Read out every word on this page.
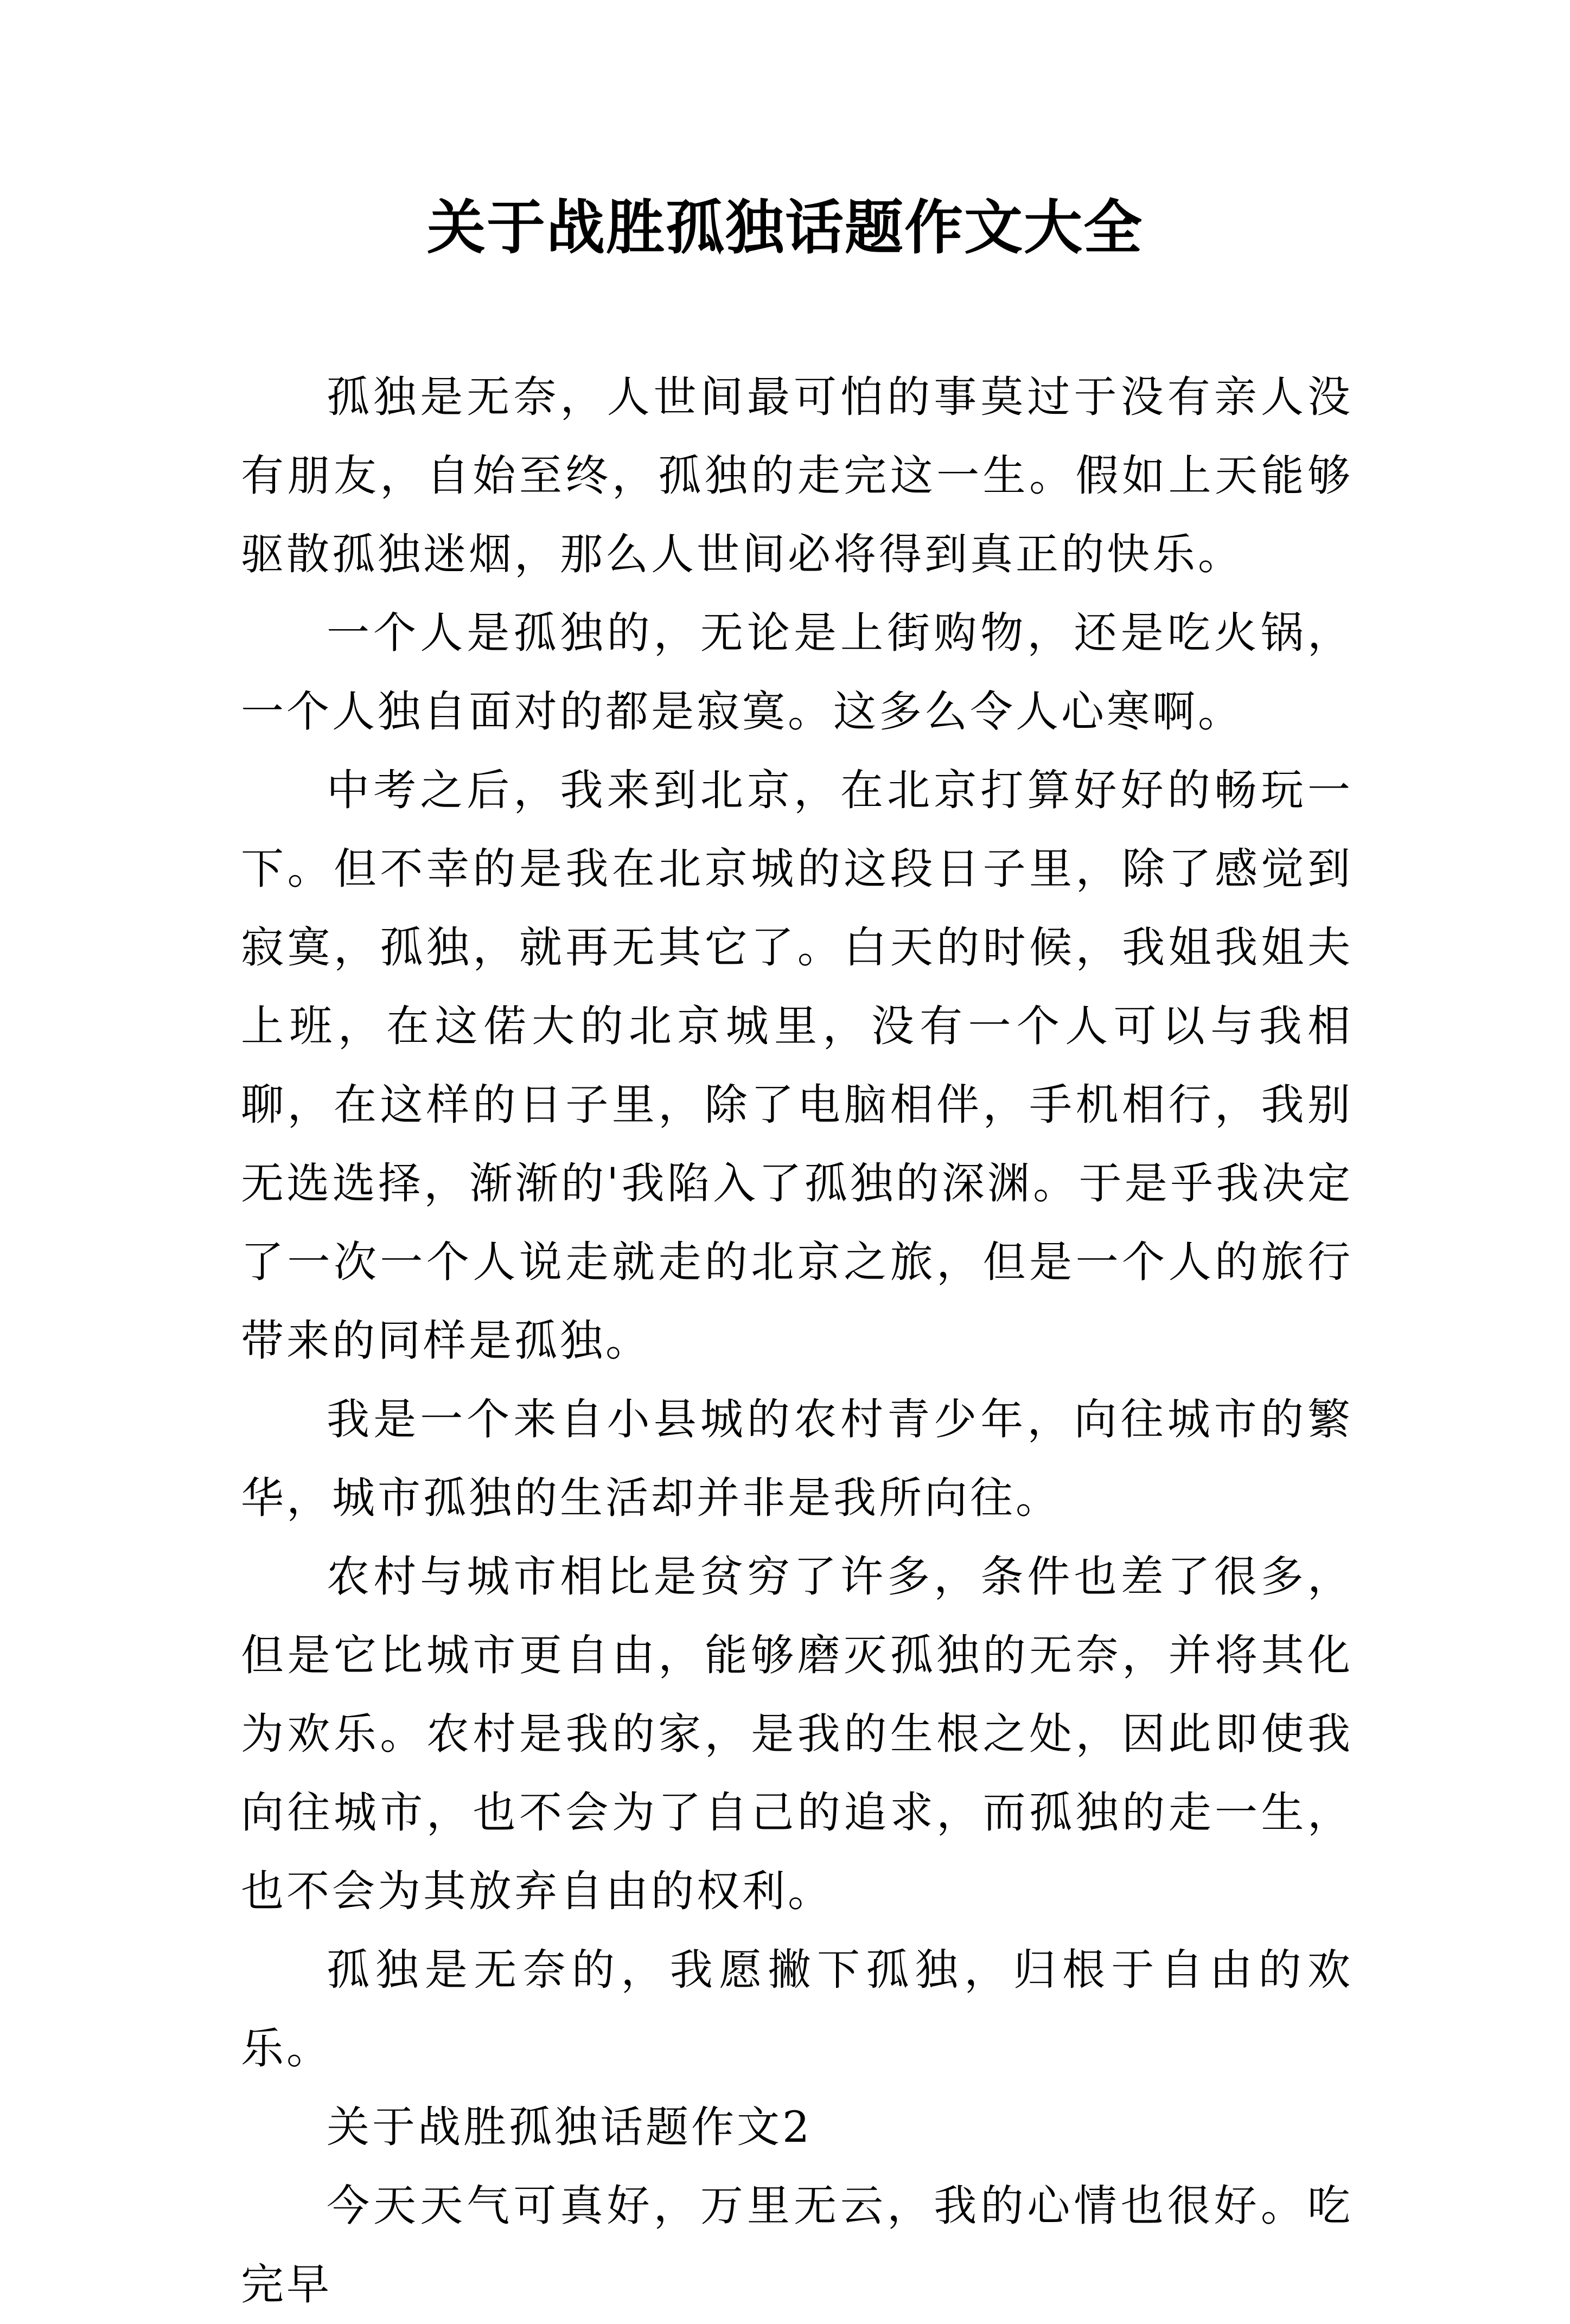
关于战胜孤独话题作文大全

孤独是无奈，人世间最可怕的事莫过于没有亲人没有朋友，自始至终，孤独的走完这一生。假如上天能够驱散孤独迷烟，那么人世间必将得到真正的快乐。

一个人是孤独的，无论是上街购物，还是吃火锅，一个人独自面对的都是寂寞。这多么令人心寒啊。

中考之后，我来到北京，在北京打算好好的畅玩一下。但不幸的是我在北京城的这段日子里，除了感觉到寂寞，孤独，就再无其它了。白天的时候，我姐我姐夫上班，在这偌大的北京城里，没有一个人可以与我相聊，在这样的日子里，除了电脑相伴，手机相行，我别无选选择，渐渐的'我陷入了孤独的深渊。于是乎我决定了一次一个人说走就走的北京之旅，但是一个人的旅行带来的同样是孤独。

我是一个来自小县城的农村青少年，向往城市的繁华，城市孤独的生活却并非是我所向往。

农村与城市相比是贫穷了许多，条件也差了很多，但是它比城市更自由，能够磨灭孤独的无奈，并将其化为欢乐。农村是我的家，是我的生根之处，因此即使我向往城市，也不会为了自己的追求，而孤独的走一生，也不会为其放弃自由的权利。

孤独是无奈的，我愿撇下孤独，归根于自由的欢乐。

关于战胜孤独话题作文2

今天天气可真好，万里无云，我的心情也很好。吃完早
